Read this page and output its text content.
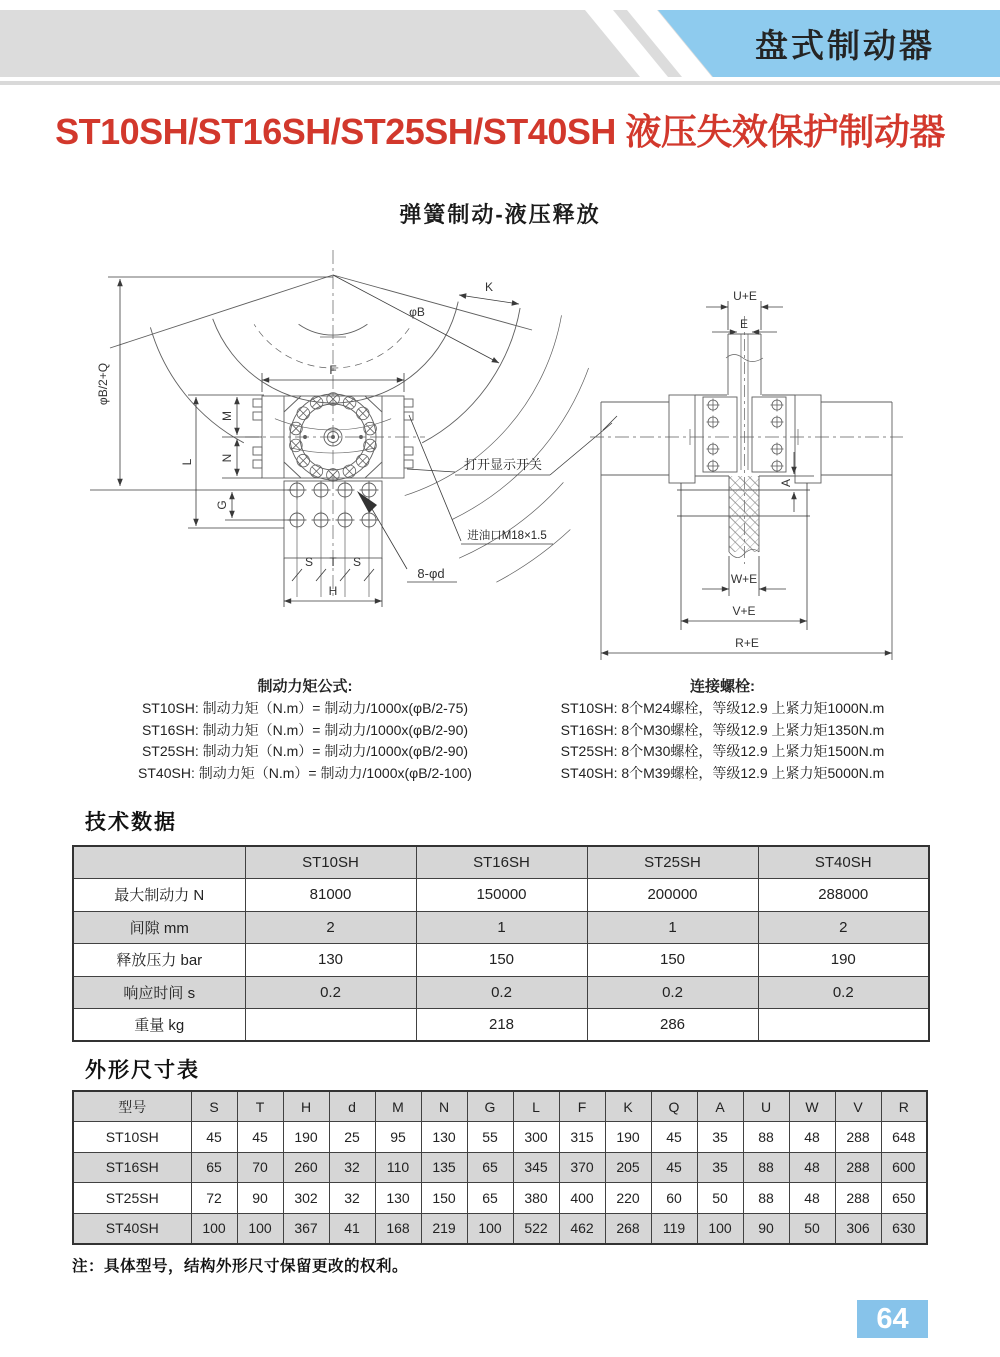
盘式制动器
ST10SH/ST16SH/ST25SH/ST40SH 液压失效保护制动器
弹簧制动-液压释放
φB/2+Q
K
φB
F
M
N
G
L
S T S
H
8-φd
打开显示开关
进油口M18×1.5
U+E
E
A
W+E
V+E
R+E
制动力矩公式:
ST10SH: 制动力矩（N.m）= 制动力/1000x(φB/2-75)
ST16SH: 制动力矩（N.m）= 制动力/1000x(φB/2-90)
ST25SH: 制动力矩（N.m）= 制动力/1000x(φB/2-90)
ST40SH: 制动力矩（N.m）= 制动力/1000x(φB/2-100)
连接螺栓:
ST10SH: 8个M24螺栓，等级12.9 上紧力矩1000N.m
ST16SH: 8个M30螺栓，等级12.9 上紧力矩1350N.m
ST25SH: 8个M30螺栓，等级12.9 上紧力矩1500N.m
ST40SH: 8个M39螺栓，等级12.9 上紧力矩5000N.m
技术数据
	ST10SH	ST16SH	ST25SH	ST40SH
最大制动力 N	81000	150000	200000	288000
间隙 mm	2	1	1	2
释放压力 bar	130	150	150	190
响应时间 s	0.2	0.2	0.2	0.2
重量 kg		218	286	
外形尺寸表
型号	S	T	H	d	M	N	G	L	F	K	Q	A	U	W	V	R
ST10SH	45	45	190	25	95	130	55	300	315	190	45	35	88	48	288	648
ST16SH	65	70	260	32	110	135	65	345	370	205	45	35	88	48	288	600
ST25SH	72	90	302	32	130	150	65	380	400	220	60	50	88	48	288	650
ST40SH	100	100	367	41	168	219	100	522	462	268	119	100	90	50	306	630
注：具体型号，结构外形尺寸保留更改的权利。
64
